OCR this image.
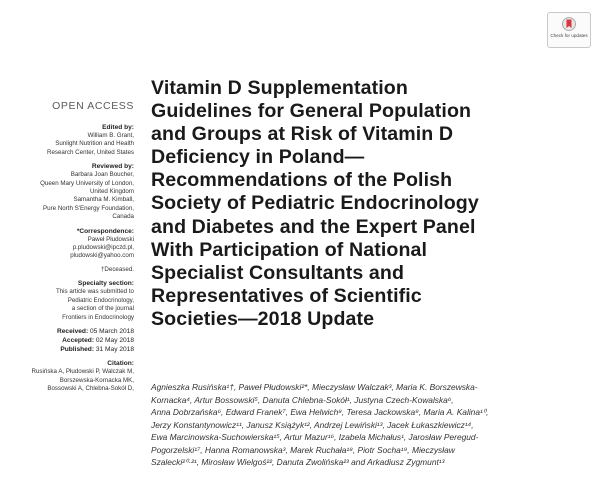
Check for updates
OPEN ACCESS
Edited by:
William B. Grant,
Sunlight Nutrition and Health
Research Center, United States
Reviewed by:
Barbara Joan Boucher,
Queen Mary University of London,
United Kingdom
Samantha M. Kimball,
Pure North S'Energy Foundation,
Canada
*Correspondence:
Paweł Płudowski
p.pludowski@ipczd.pl,
pludowski@yahoo.com
†Deceased.
Specialty section:
This article was submitted to
Pediatric Endocrinology,
a section of the journal
Frontiers in Endocrinology
Received: 05 March 2018
Accepted: 02 May 2018
Published: 31 May 2018
Citation:
Rusińska A, Płudowski P, Walczak M,
Borszewska-Kornacka MK,
Bossowski A, Chlebna-Sokół D,
Vitamin D Supplementation
Guidelines for General Population
and Groups at Risk of Vitamin D
Deficiency in Poland—
Recommendations of the Polish
Society of Pediatric Endocrinology
and Diabetes and the Expert Panel
With Participation of National
Specialist Consultants and
Representatives of Scientific
Societies—2018 Update
Agnieszka Rusińska¹†, Paweł Płudowski²*, Mieczysław Walczak³, Maria K. Borszewska-
Kornacka⁴, Artur Bossowski⁵, Danuta Chlebna-Sokół¹, Justyna Czech-Kowalska⁶,
Anna Dobrzańska⁶, Edward Franek⁷, Ewa Helwich⁸, Teresa Jackowska⁹, Maria A. Kalina¹⁰,
Jerzy Konstantynowicz¹¹, Janusz Książyk¹², Andrzej Lewiński¹³, Jacek Łukaszkiewicz¹⁴,
Ewa Marcinowska-Suchowierska¹⁵, Artur Mazur¹⁶, Izabela Michałus¹, Jarosław Peregud-
Pogorzelski¹⁷, Hanna Romanowska³, Marek Ruchała¹⁸, Piotr Socha¹⁹, Mieczysław
Szalecki²⁰·²¹, Mirosław Wielgoś²², Danuta Zwolińska²³ and Arkadiusz Zygmunt¹³
